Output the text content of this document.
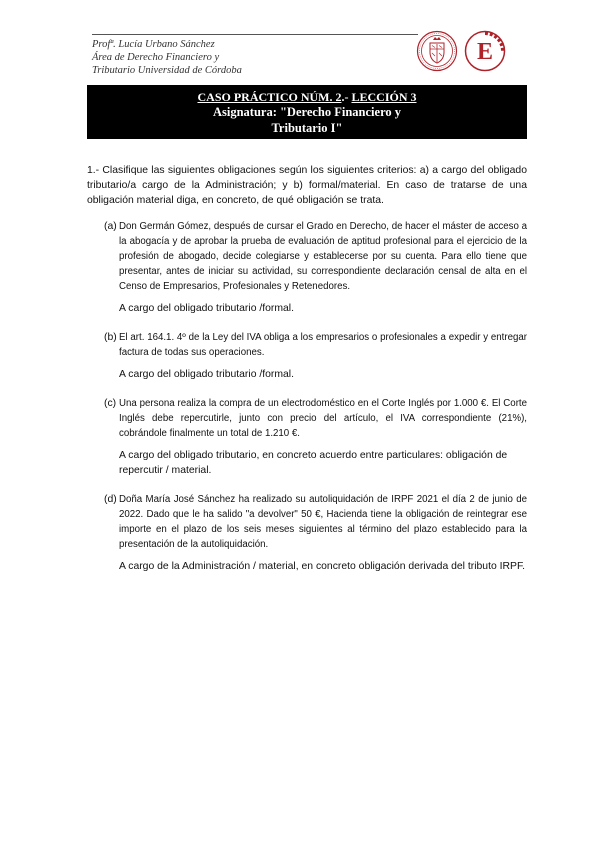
Profª. Lucía Urbano Sánchez
Área de Derecho Financiero y
Tributario Universidad de Córdoba
E
CASO PRÁCTICO NÚM. 2.- LECCIÓN 3
Asignatura: "Derecho Financiero y
Tributario I"

1.- Clasifique las siguientes obligaciones según los siguientes criterios: a) a cargo del obligado tributario/a cargo de la Administración; y b) formal/material. En caso de tratarse de una obligación material diga, en concreto, de qué obligación se trata.

(a) Don Germán Gómez, después de cursar el Grado en Derecho, de hacer el máster de acceso a la abogacía y de aprobar la prueba de evaluación de aptitud profesional para el ejercicio de la profesión de abogado, decide colegiarse y establecerse por su cuenta. Para ello tiene que presentar, antes de iniciar su actividad, su correspondiente declaración censal de alta en el Censo de Empresarios, Profesionales y Retenedores.

A cargo del obligado tributario /formal.

(b) El art. 164.1. 4º de la Ley del IVA obliga a los empresarios o profesionales a expedir y entregar factura de todas sus operaciones.

A cargo del obligado tributario /formal.

(c) Una persona realiza la compra de un electrodoméstico en el Corte Inglés por 1.000 €. El Corte Inglés debe repercutirle, junto con precio del artículo, el IVA correspondiente (21%), cobrándole finalmente un total de 1.210 €.

A cargo del obligado tributario, en concreto acuerdo entre particulares: obligación de repercutir / material.

(d) Doña María José Sánchez ha realizado su autoliquidación de IRPF 2021 el día 2 de junio de 2022. Dado que le ha salido "a devolver" 50 €, Hacienda tiene la obligación de reintegrar ese importe en el plazo de los seis meses siguientes al término del plazo establecido para la presentación de la autoliquidación.

A cargo de la Administración / material, en concreto obligación derivada del tributo IRPF.
